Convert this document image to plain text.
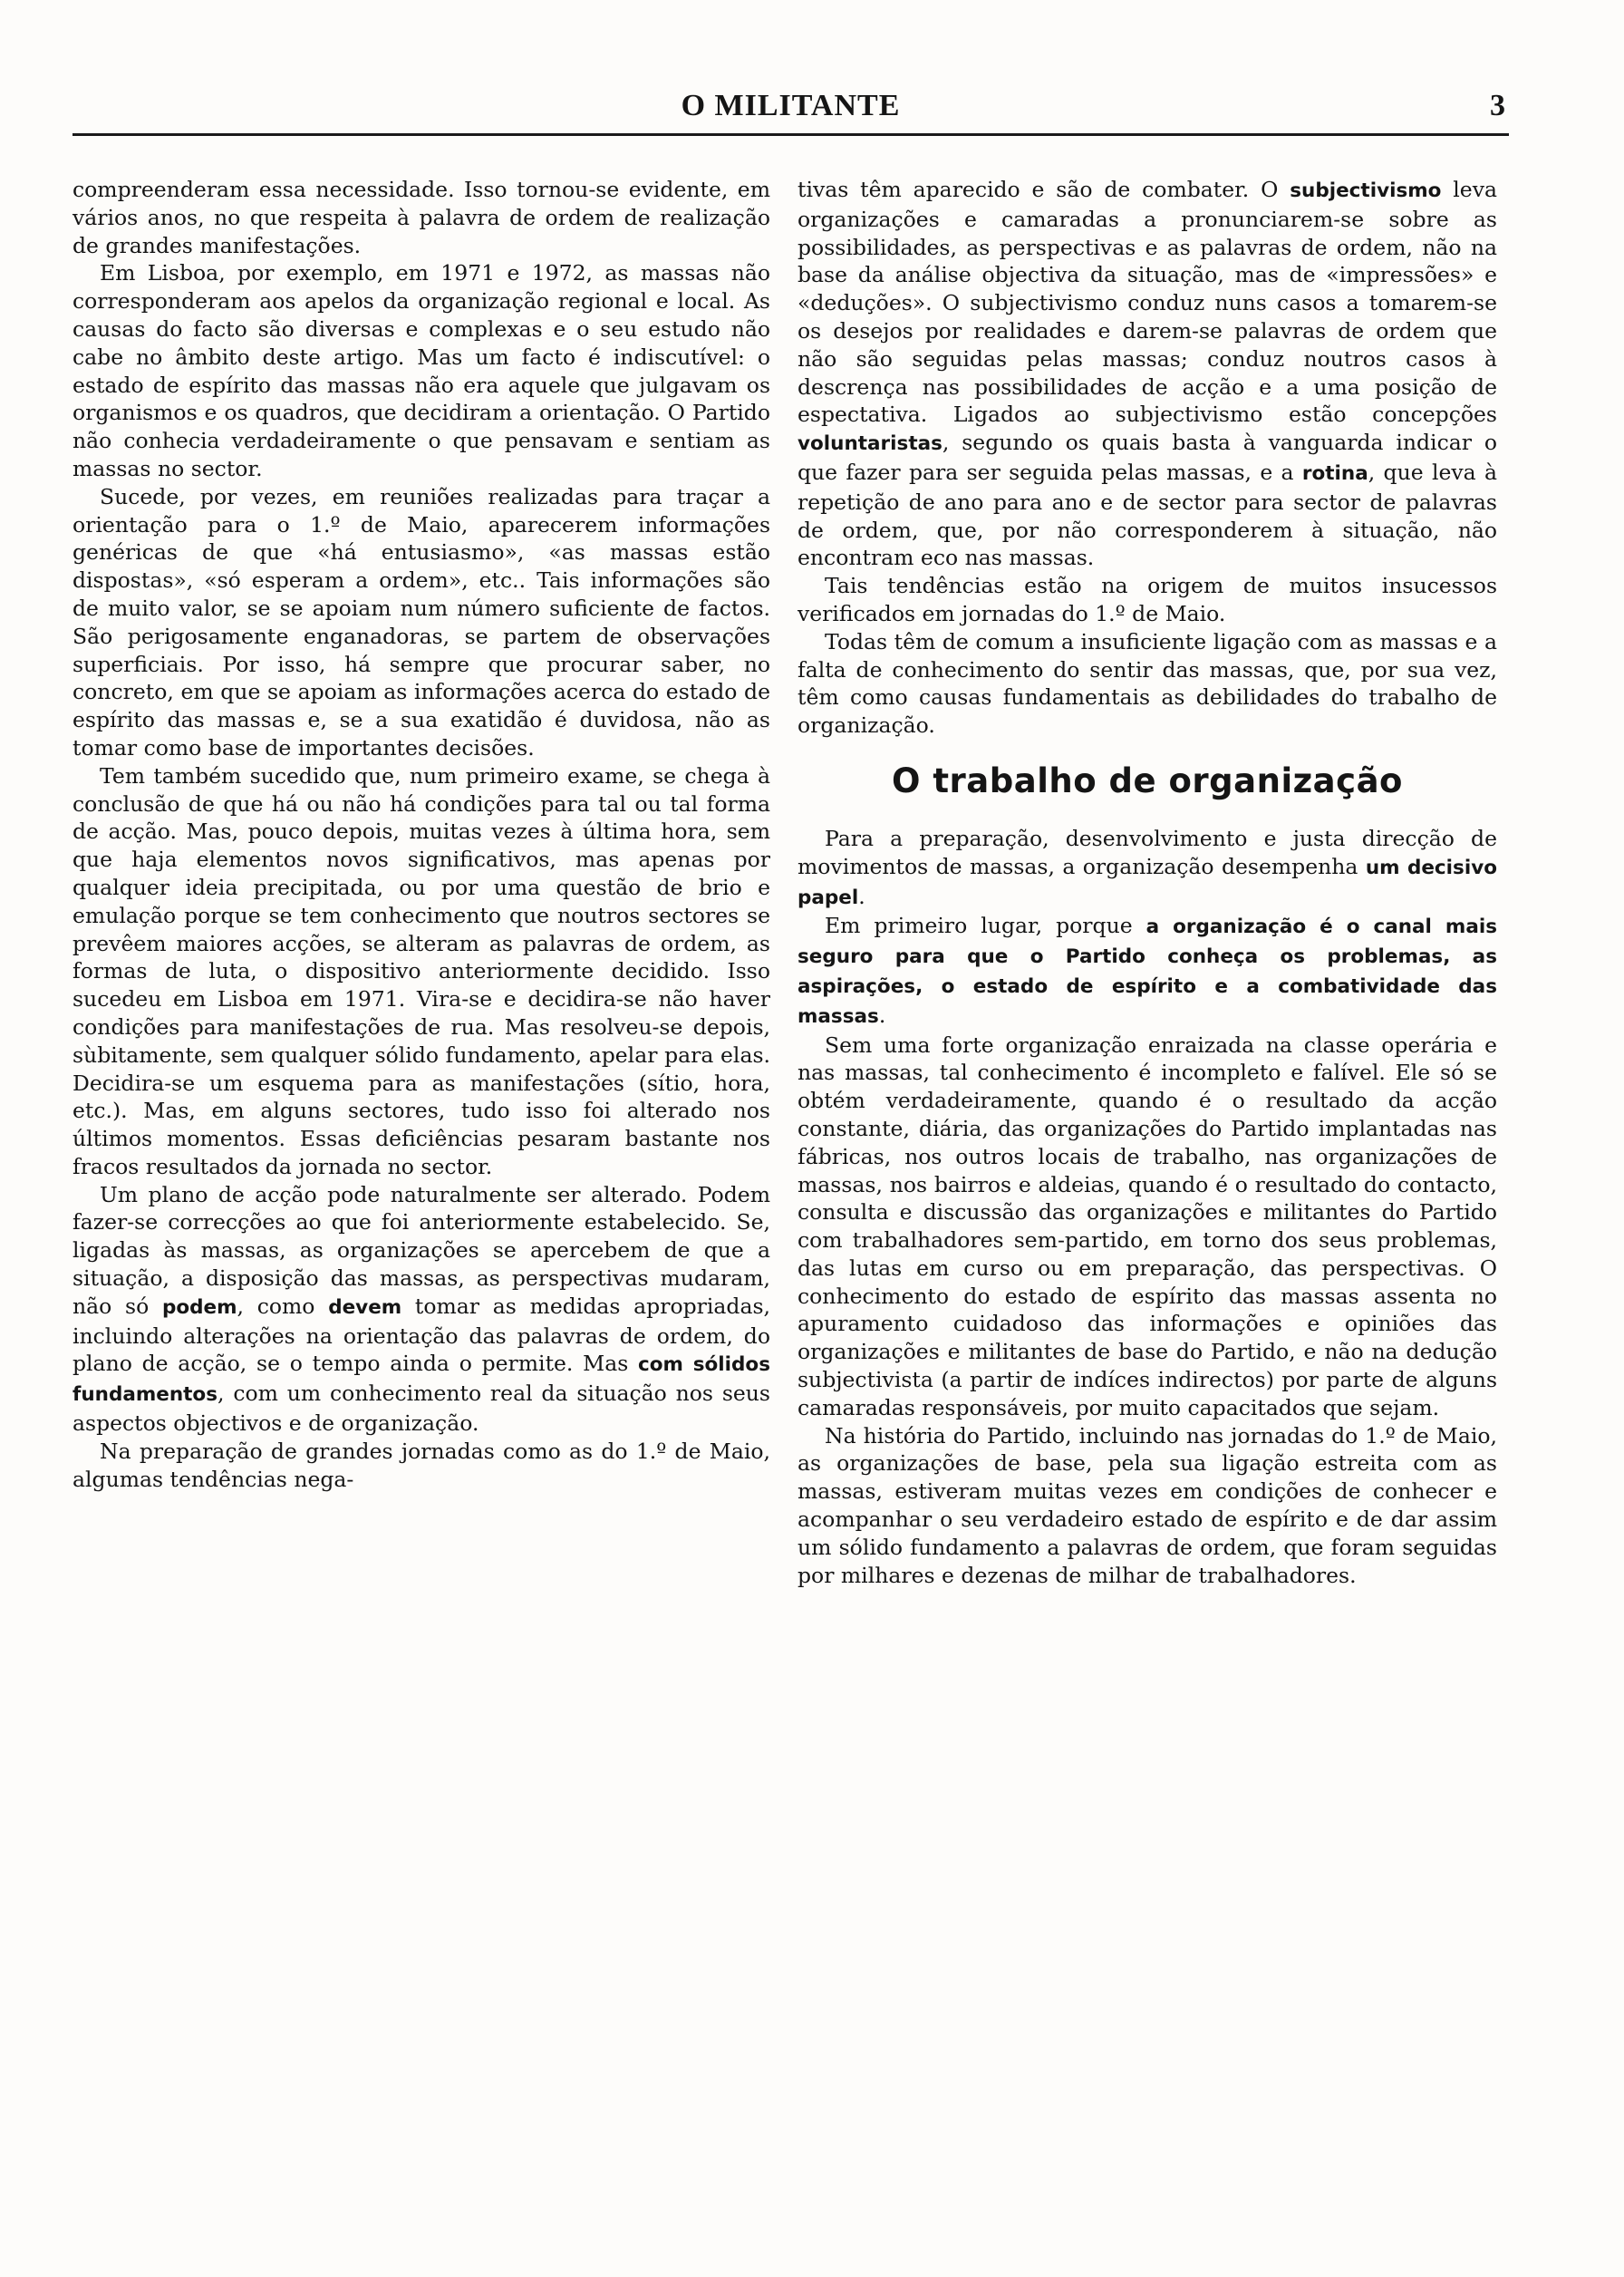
O MILITANTE	3

compreenderam essa necessidade. Isso tornou-se evidente, em vários anos, no que respeita à palavra de ordem de realização de grandes manifestações.

Em Lisboa, por exemplo, em 1971 e 1972, as massas não corresponderam aos apelos da organização regional e local. As causas do facto são diversas e complexas e o seu estudo não cabe no âmbito deste artigo. Mas um facto é indiscutível: o estado de espírito das massas não era aquele que julgavam os organismos e os quadros, que decidiram a orientação. O Partido não conhecia verdadeiramente o que pensavam e sentiam as massas no sector.

Sucede, por vezes, em reuniões realizadas para traçar a orientação para o 1.º de Maio, aparecerem informações genéricas de que «há entusiasmo», «as massas estão dispostas», «só esperam a ordem», etc.. Tais informações são de muito valor, se se apoiam num número suficiente de factos. São perigosamente enganadoras, se partem de observações superficiais. Por isso, há sempre que procurar saber, no concreto, em que se apoiam as informações acerca do estado de espírito das massas e, se a sua exatidão é duvidosa, não as tomar como base de importantes decisões.

Tem também sucedido que, num primeiro exame, se chega à conclusão de que há ou não há condições para tal ou tal forma de acção. Mas, pouco depois, muitas vezes à última hora, sem que haja elementos novos significativos, mas apenas por qualquer ideia precipitada, ou por uma questão de brio e emulação porque se tem conhecimento que noutros sectores se prevêem maiores acções, se alteram as palavras de ordem, as formas de luta, o dispositivo anteriormente decidido. Isso sucedeu em Lisboa em 1971. Vira-se e decidira-se não haver condições para manifestações de rua. Mas resolveu-se depois, sùbitamente, sem qualquer sólido fundamento, apelar para elas. Decidira-se um esquema para as manifestações (sítio, hora, etc.). Mas, em alguns sectores, tudo isso foi alterado nos últimos momentos. Essas deficiências pesaram bastante nos fracos resultados da jornada no sector.

Um plano de acção pode naturalmente ser alterado. Podem fazer-se correcções ao que foi anteriormente estabelecido. Se, ligadas às massas, as organizações se apercebem de que a situação, a disposição das massas, as perspectivas mudaram, não só podem, como devem tomar as medidas apropriadas, incluindo alterações na orientação das palavras de ordem, do plano de acção, se o tempo ainda o permite. Mas com sólidos fundamentos, com um conhecimento real da situação nos seus aspectos objectivos e de organização.

Na preparação de grandes jornadas como as do 1.º de Maio, algumas tendências nega-

tivas têm aparecido e são de combater. O subjectivismo leva organizações e camaradas a pronunciarem-se sobre as possibilidades, as perspectivas e as palavras de ordem, não na base da análise objectiva da situação, mas de «impressões» e «deduções». O subjectivismo conduz nuns casos a tomarem-se os desejos por realidades e darem-se palavras de ordem que não são seguidas pelas massas; conduz noutros casos à descrença nas possibilidades de acção e a uma posição de espectativa. Ligados ao subjectivismo estão concepções voluntaristas, segundo os quais basta à vanguarda indicar o que fazer para ser seguida pelas massas, e a rotina, que leva à repetição de ano para ano e de sector para sector de palavras de ordem, que, por não corresponderem à situação, não encontram eco nas massas.

Tais tendências estão na origem de muitos insucessos verificados em jornadas do 1.º de Maio.

Todas têm de comum a insuficiente ligação com as massas e a falta de conhecimento do sentir das massas, que, por sua vez, têm como causas fundamentais as debilidades do trabalho de organização.

O trabalho de organização

Para a preparação, desenvolvimento e justa direcção de movimentos de massas, a organização desempenha um decisivo papel.

Em primeiro lugar, porque a organização é o canal mais seguro para que o Partido conheça os problemas, as aspirações, o estado de espírito e a combatividade das massas.

Sem uma forte organização enraizada na classe operária e nas massas, tal conhecimento é incompleto e falível. Ele só se obtém verdadeiramente, quando é o resultado da acção constante, diária, das organizações do Partido implantadas nas fábricas, nos outros locais de trabalho, nas organizações de massas, nos bairros e aldeias, quando é o resultado do contacto, consulta e discussão das organizações e militantes do Partido com trabalhadores sem-partido, em torno dos seus problemas, das lutas em curso ou em preparação, das perspectivas. O conhecimento do estado de espírito das massas assenta no apuramento cuidadoso das informações e opiniões das organizações e militantes de base do Partido, e não na dedução subjectivista (a partir de indíces indirectos) por parte de alguns camaradas responsáveis, por muito capacitados que sejam.

Na história do Partido, incluindo nas jornadas do 1.º de Maio, as organizações de base, pela sua ligação estreita com as massas, estiveram muitas vezes em condições de conhecer e acompanhar o seu verdadeiro estado de espírito e de dar assim um sólido fundamento a palavras de ordem, que foram seguidas por milhares e dezenas de milhar de trabalhadores.
